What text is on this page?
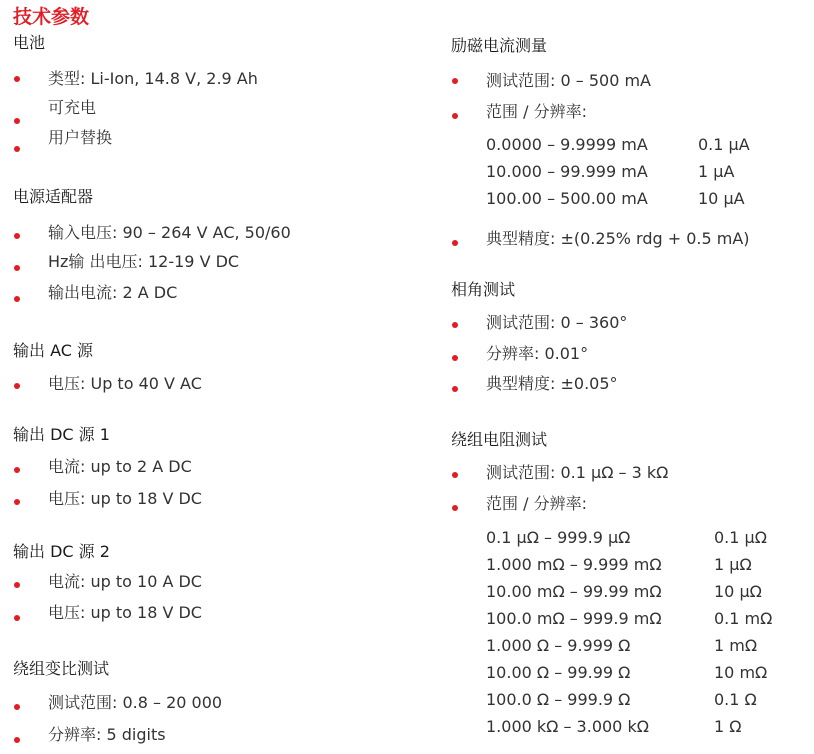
技术参数
电池
类型: Li-Ion, 14.8 V, 2.9 Ah
可充电
用户替换
电源适配器
输入电压: 90 – 264 V AC, 50/60
Hz输 出电压: 12-19 V DC
输出电流: 2 A DC
输出 AC 源
电压: Up to 40 V AC
输出 DC 源 1
电流: up to 2 A DC
电压: up to 18 V DC
输出 DC 源 2
电流: up to 10 A DC
电压: up to 18 V DC
绕组变比测试
测试范围: 0.8 – 20 000
分辨率: 5 digits
励磁电流测量
测试范围: 0 – 500 mA
范围 / 分辨率:
0.0000 – 9.9999 mA	0.1 μA
10.000 – 99.999 mA	1 μA
100.00 – 500.00 mA	10 μA
典型精度: ±(0.25% rdg + 0.5 mA)
相角测试
测试范围: 0 – 360°
分辨率: 0.01°
典型精度: ±0.05°
绕组电阻测试
测试范围: 0.1 μΩ – 3 kΩ
范围 / 分辨率:
0.1 μΩ – 999.9 μΩ	0.1 μΩ
1.000 mΩ – 9.999 mΩ	1 μΩ
10.00 mΩ – 99.99 mΩ	10 μΩ
100.0 mΩ – 999.9 mΩ	0.1 mΩ
1.000 Ω – 9.999 Ω	1 mΩ
10.00 Ω – 99.99 Ω	10 mΩ
100.0 Ω – 999.9 Ω	0.1 Ω
1.000 kΩ – 3.000 kΩ	1 Ω
